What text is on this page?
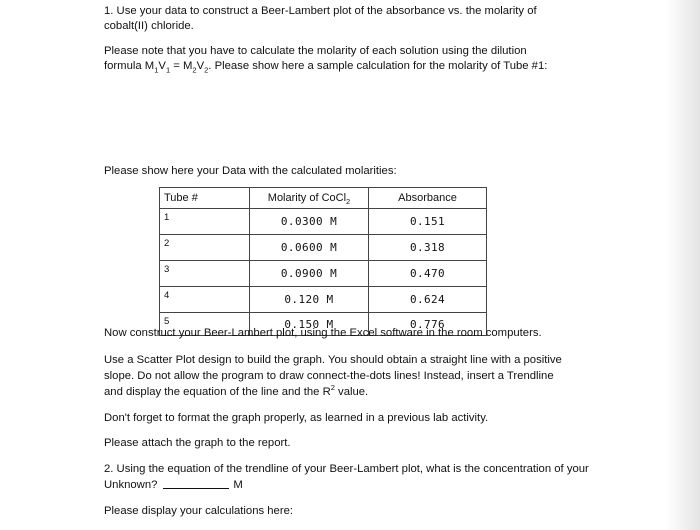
1. Use your data to construct a Beer-Lambert plot of the absorbance vs. the molarity of
cobalt(II) chloride.
Please note that you have to calculate the molarity of each solution using the dilution
formula $M_1V_1 = M_2V_2$. Please show here a sample calculation for the molarity of Tube #1:
Please show here your Data with the calculated molarities:
Tube #	Molarity of CoCl$_2$	Absorbance
1	0.0300 M	0.151
2	0.0600 M	0.318
3	0.0900 M	0.470
4	0.120 M	0.624
5	0.150 M	0.776
Now construct your Beer-Lambert plot, using the Excel software in the room computers.
Use a Scatter Plot design to build the graph. You should obtain a straight line with a positive
slope. Do not allow the program to draw connect-the-dots lines! Instead, insert a Trendline
and display the equation of the line and the $R^2$ value.
Don't forget to format the graph properly, as learned in a previous lab activity.
Please attach the graph to the report.
2. Using the equation of the trendline of your Beer-Lambert plot, what is the concentration of your
Unknown?	M
Please display your calculations here:
